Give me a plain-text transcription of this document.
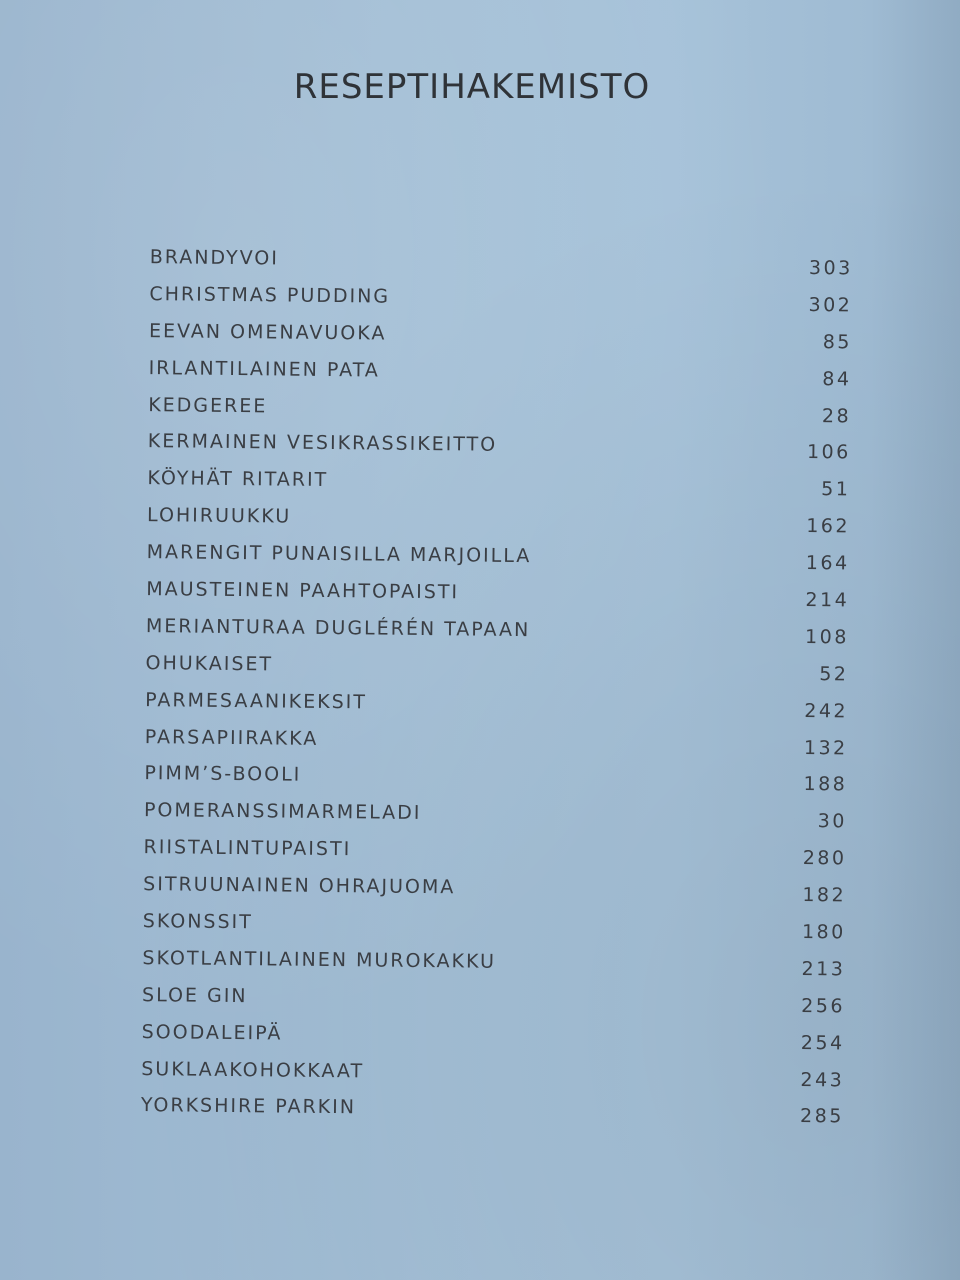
RESEPTIHAKEMISTO
BRANDYVOI	303
CHRISTMAS PUDDING	302
EEVAN OMENAVUOKA	85
IRLANTILAINEN PATA	84
KEDGEREE	28
KERMAINEN VESIKRASSIKEITTO	106
KÖYHÄT RITARIT	51
LOHIRUUKKU	162
MARENGIT PUNAISILLA MARJOILLA	164
MAUSTEINEN PAAHTOPAISTI	214
MERIANTURAA DUGLÉRÉN TAPAAN	108
OHUKAISET	52
PARMESAANIKEKSIT	242
PARSAPIIRAKKA	132
PIMM’S-BOOLI	188
POMERANSSIMARMELADI	30
RIISTALINTUPAISTI	280
SITRUUNAINEN OHRAJUOMA	182
SKONSSIT	180
SKOTLANTILAINEN MUROKAKKU	213
SLOE GIN	256
SOODALEIPÄ	254
SUKLAAKOHOKKAAT	243
YORKSHIRE PARKIN	285
